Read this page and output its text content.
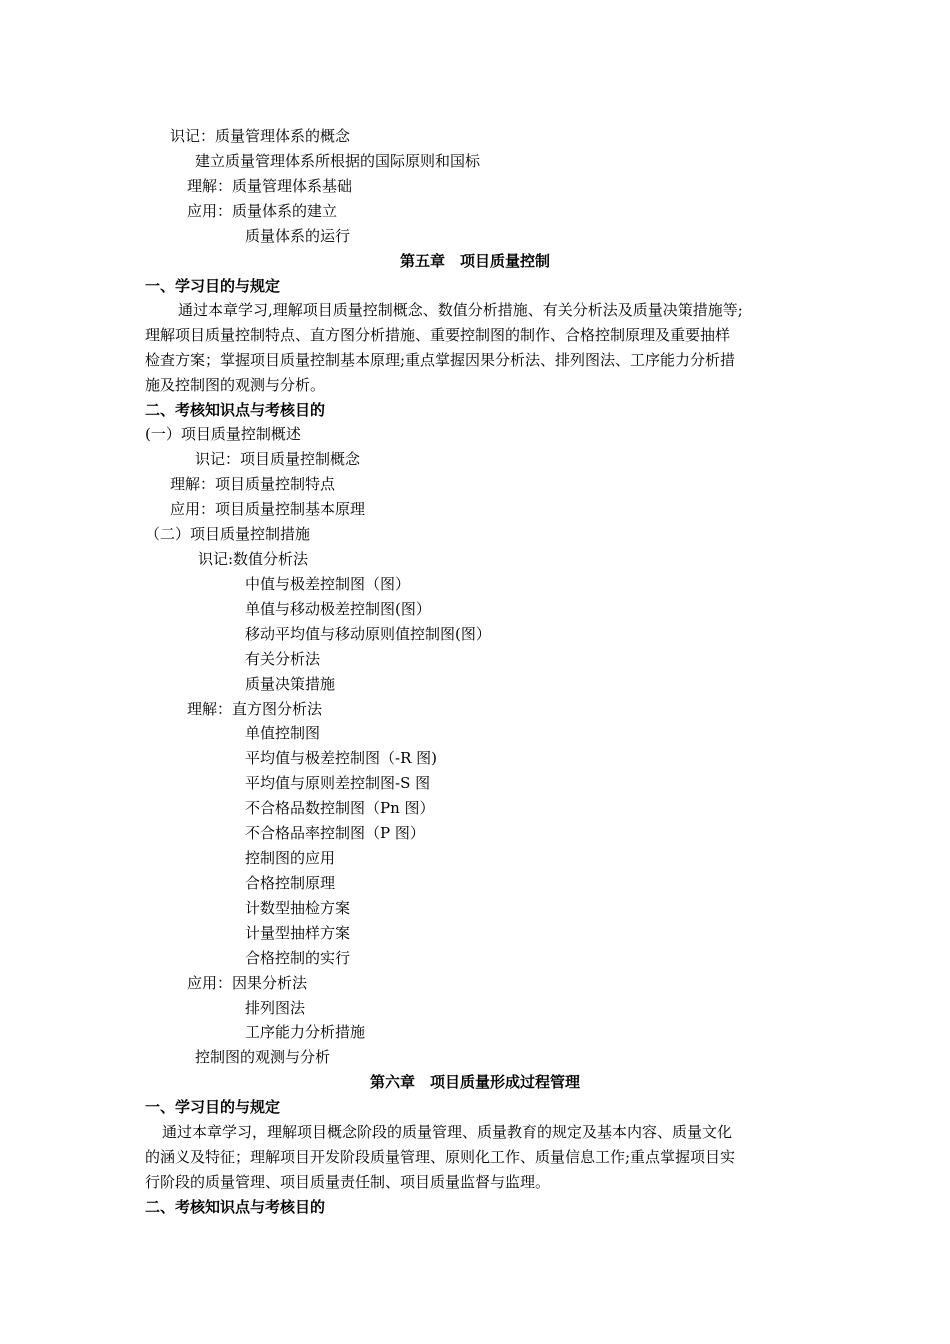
识记：质量管理体系的概念
建立质量管理体系所根据的国际原则和国标
理解：质量管理体系基础
应用：质量体系的建立
质量体系的运行
第五章　项目质量控制
一、学习目的与规定
通过本章学习,理解项目质量控制概念、数值分析措施、有关分析法及质量决策措施等;
理解项目质量控制特点、直方图分析措施、重要控制图的制作、合格控制原理及重要抽样
检查方案；掌握项目质量控制基本原理;重点掌握因果分析法、排列图法、工序能力分析措
施及控制图的观测与分析。
二、考核知识点与考核目的
(一）项目质量控制概述
识记：项目质量控制概念
理解：项目质量控制特点
应用：项目质量控制基本原理
（二）项目质量控制措施
识记:数值分析法
中值与极差控制图（图）
单值与移动极差控制图(图）
移动平均值与移动原则值控制图(图）
有关分析法
质量决策措施
理解：直方图分析法
单值控制图
平均值与极差控制图（-R 图)
平均值与原则差控制图-S 图
不合格品数控制图（Pn 图）
不合格品率控制图（P 图）
控制图的应用
合格控制原理
计数型抽检方案
计量型抽样方案
合格控制的实行
应用：因果分析法
排列图法
工序能力分析措施
控制图的观测与分析
第六章　项目质量形成过程管理
一、学习目的与规定
通过本章学习，理解项目概念阶段的质量管理、质量教育的规定及基本内容、质量文化
的涵义及特征；理解项目开发阶段质量管理、原则化工作、质量信息工作;重点掌握项目实
行阶段的质量管理、项目质量责任制、项目质量监督与监理。
二、考核知识点与考核目的
